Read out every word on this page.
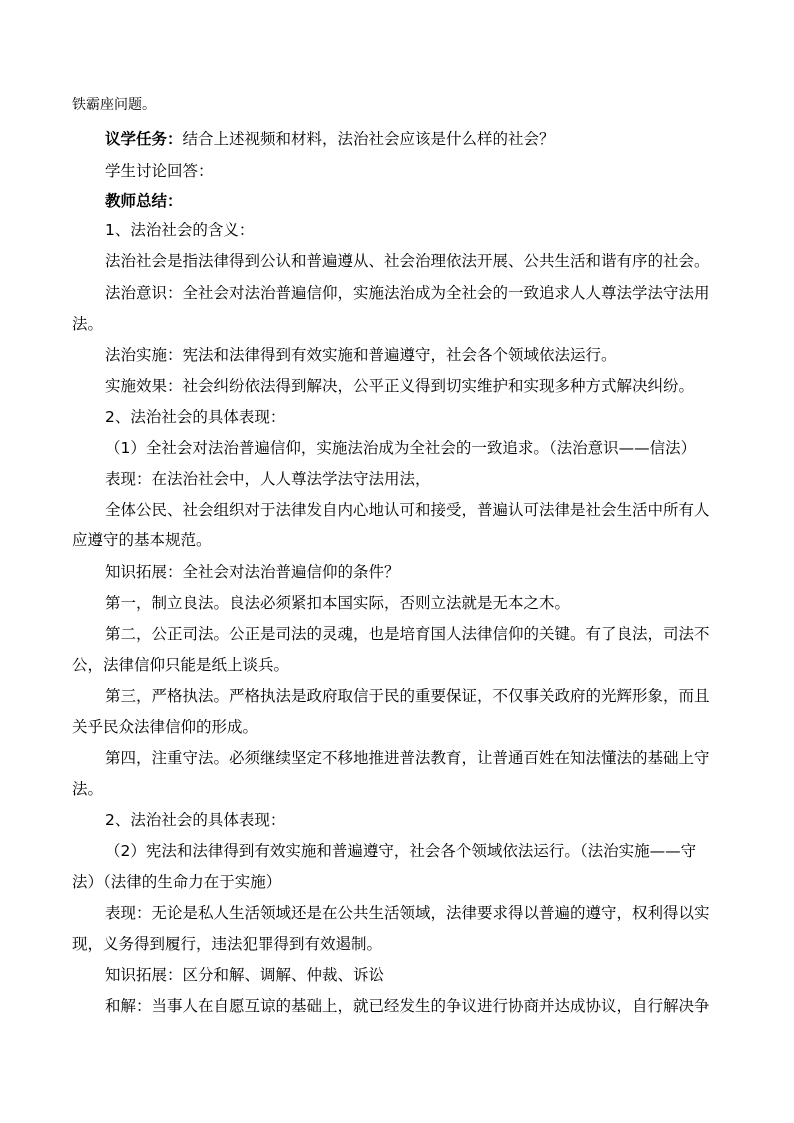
铁霸座问题。
议学任务：结合上述视频和材料，法治社会应该是什么样的社会？
学生讨论回答：
教师总结：
1、法治社会的含义：
法治社会是指法律得到公认和普遍遵从、社会治理依法开展、公共生活和谐有序的社会。
法治意识：全社会对法治普遍信仰，实施法治成为全社会的一致追求人人尊法学法守法用
法。
法治实施：宪法和法律得到有效实施和普遍遵守，社会各个领域依法运行。
实施效果：社会纠纷依法得到解决，公平正义得到切实维护和实现多种方式解决纠纷。
2、法治社会的具体表现：
（1）全社会对法治普遍信仰，实施法治成为全社会的一致追求。（法治意识——信法）
表现：在法治社会中，人人尊法学法守法用法，
全体公民、社会组织对于法律发自内心地认可和接受，普遍认可法律是社会生活中所有人
应遵守的基本规范。
知识拓展：全社会对法治普遍信仰的条件？
第一，制立良法。良法必须紧扣本国实际，否则立法就是无本之木。
第二，公正司法。公正是司法的灵魂，也是培育国人法律信仰的关键。有了良法，司法不
公，法律信仰只能是纸上谈兵。
第三，严格执法。严格执法是政府取信于民的重要保证，不仅事关政府的光辉形象，而且
关乎民众法律信仰的形成。
第四，注重守法。必须继续坚定不移地推进普法教育，让普通百姓在知法懂法的基础上守
法。
2、法治社会的具体表现：
（2）宪法和法律得到有效实施和普遍遵守，社会各个领域依法运行。（法治实施——守
法）（法律的生命力在于实施）
表现：无论是私人生活领域还是在公共生活领域，法律要求得以普遍的遵守，权利得以实
现，义务得到履行，违法犯罪得到有效遏制。
知识拓展：区分和解、调解、仲裁、诉讼
和解：当事人在自愿互谅的基础上，就已经发生的争议进行协商并达成协议，自行解决争
